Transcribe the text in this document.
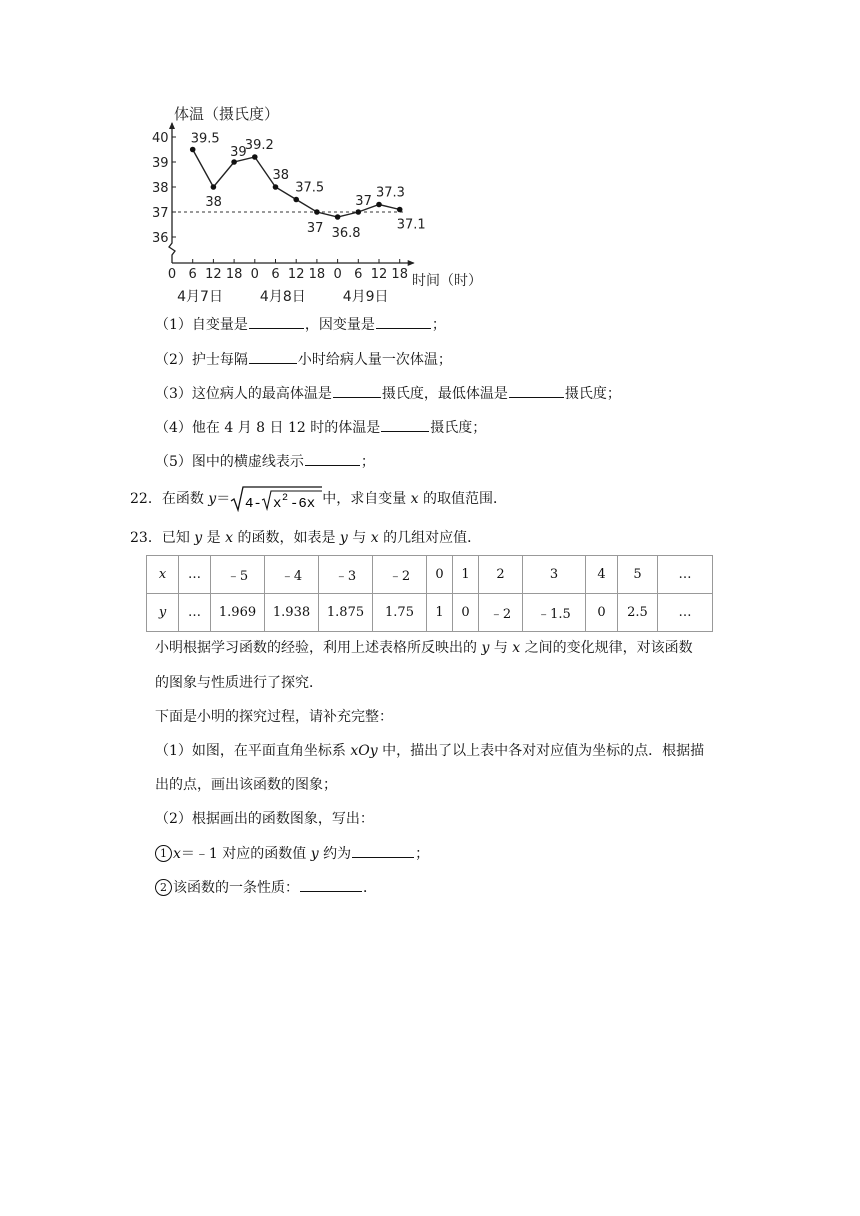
39.5
38
39
39.2
38
37.5
37 36.8
37
37.3
37.1
36
37
38
39
40
0 6 12 18 0 6 12 18 0 6 12 18
4月7日	4月8日	4月9日
体温（摄氏度）
时间（时）
（1）自变量是	，因变量是	；
（2）护士每隔	小时给病人量一次体温；
（3）这位病人的最高体温是	摄氏度，最低体温是	摄氏度；
（4）他在 4 月 8 日 12 时的体温是	摄氏度；
（5）图中的横虚线表示	；
22．在函数 y＝ 4- x 2 -6x 中，求自变量 x 的取值范围．
23．已知 y 是 x 的函数，如表是 y 与 x 的几组对应值．
x	…	﹣5	﹣4	﹣3	﹣2	0	1	2	3	4	5	…
y	…	1.969	1.938	1.875	1.75	1	0	﹣2	﹣1.5	0	2.5	…
小明根据学习函数的经验，利用上述表格所反映出的 y 与 x 之间的变化规律，对该函数
的图象与性质进行了探究．
下面是小明的探究过程，请补充完整：
（1）如图，在平面直角坐标系 xOy 中，描出了以上表中各对对应值为坐标的点．根据描
出的点，画出该函数的图象；
（2）根据画出的函数图象，写出：
1 x＝﹣1 对应的函数值 y 约为	；
2 该函数的一条性质：	．
